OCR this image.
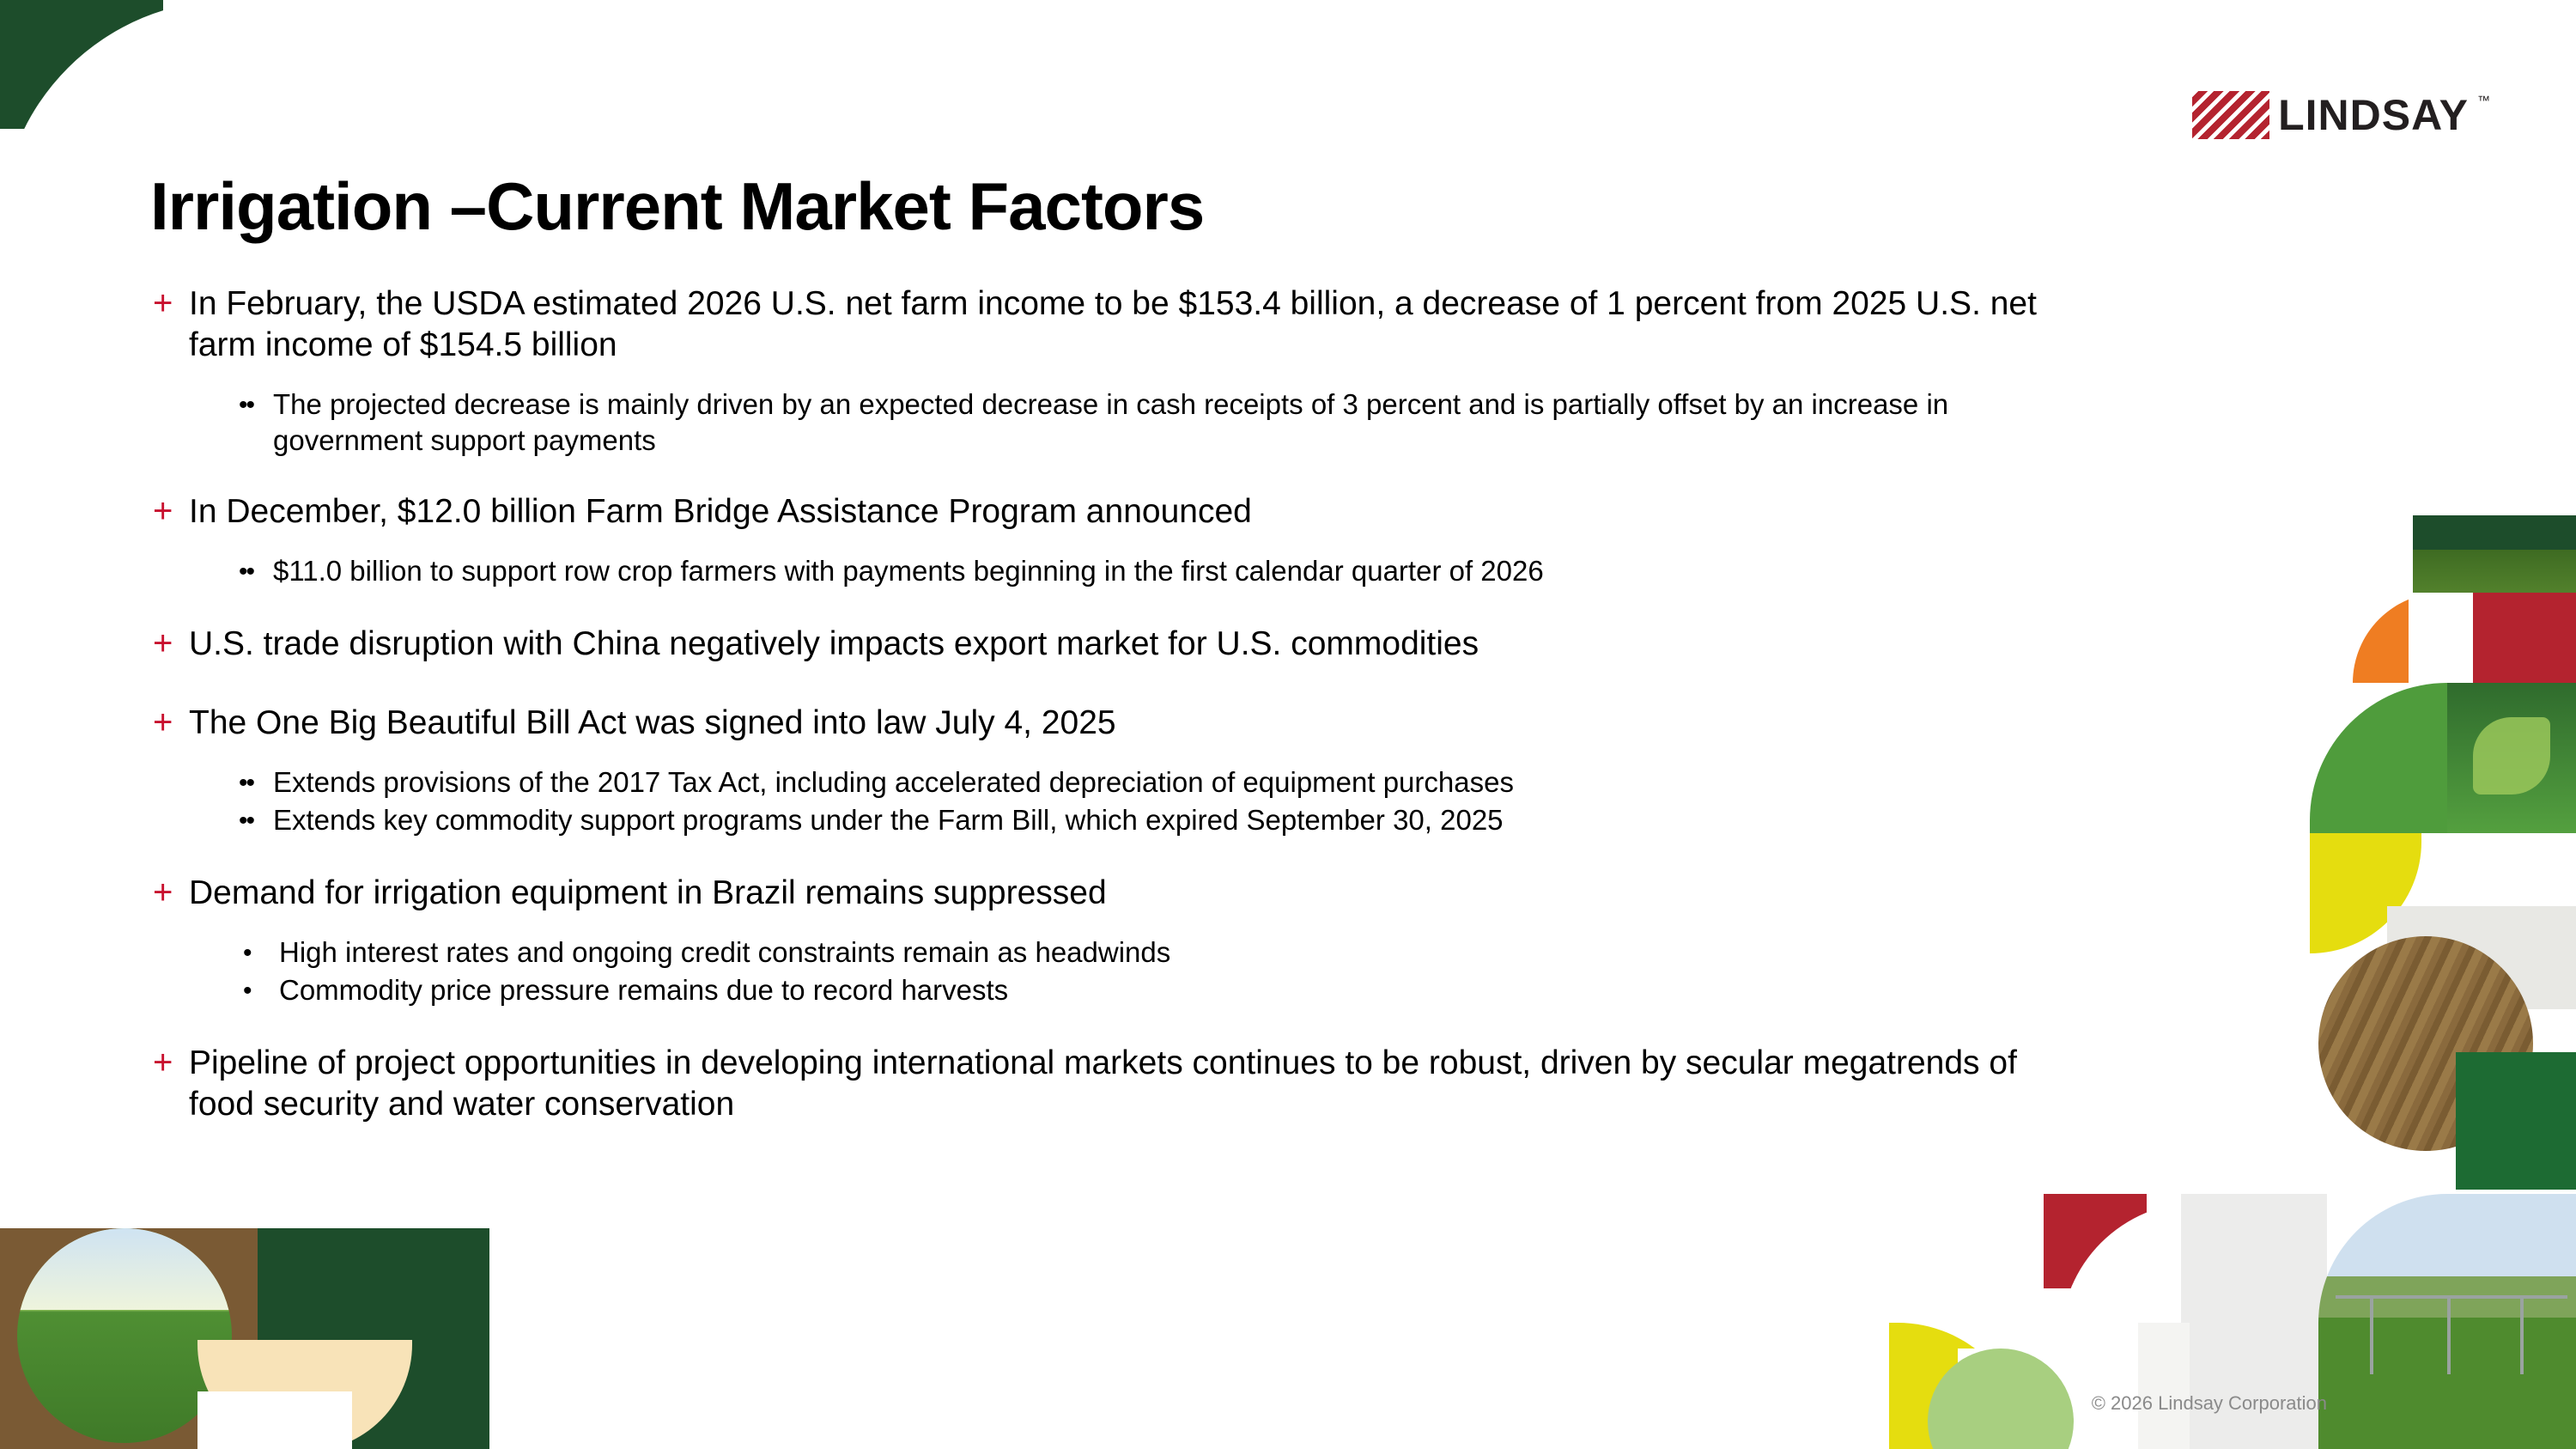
LINDSAY ™
Irrigation –Current Market Factors
+ In February, the USDA estimated 2026 U.S. net farm income to be $153.4 billion, a decrease of 1 percent from 2025 U.S. net farm income of $154.5 billion
•• The projected decrease is mainly driven by an expected decrease in cash receipts of 3 percent and is partially offset by an increase in government support payments
+ In December, $12.0 billion Farm Bridge Assistance Program announced
•• $11.0 billion to support row crop farmers with payments beginning in the first calendar quarter of 2026
+ U.S. trade disruption with China negatively impacts export market for U.S. commodities
+ The One Big Beautiful Bill Act was signed into law July 4, 2025
•• Extends provisions of the 2017 Tax Act, including accelerated depreciation of equipment purchases
•• Extends key commodity support programs under the Farm Bill, which expired September 30, 2025
+ Demand for irrigation equipment in Brazil remains suppressed
• High interest rates and ongoing credit constraints remain as headwinds
• Commodity price pressure remains due to record harvests
+ Pipeline of project opportunities in developing international markets continues to be robust, driven by secular megatrends of food security and water conservation
© 2026 Lindsay Corporation
